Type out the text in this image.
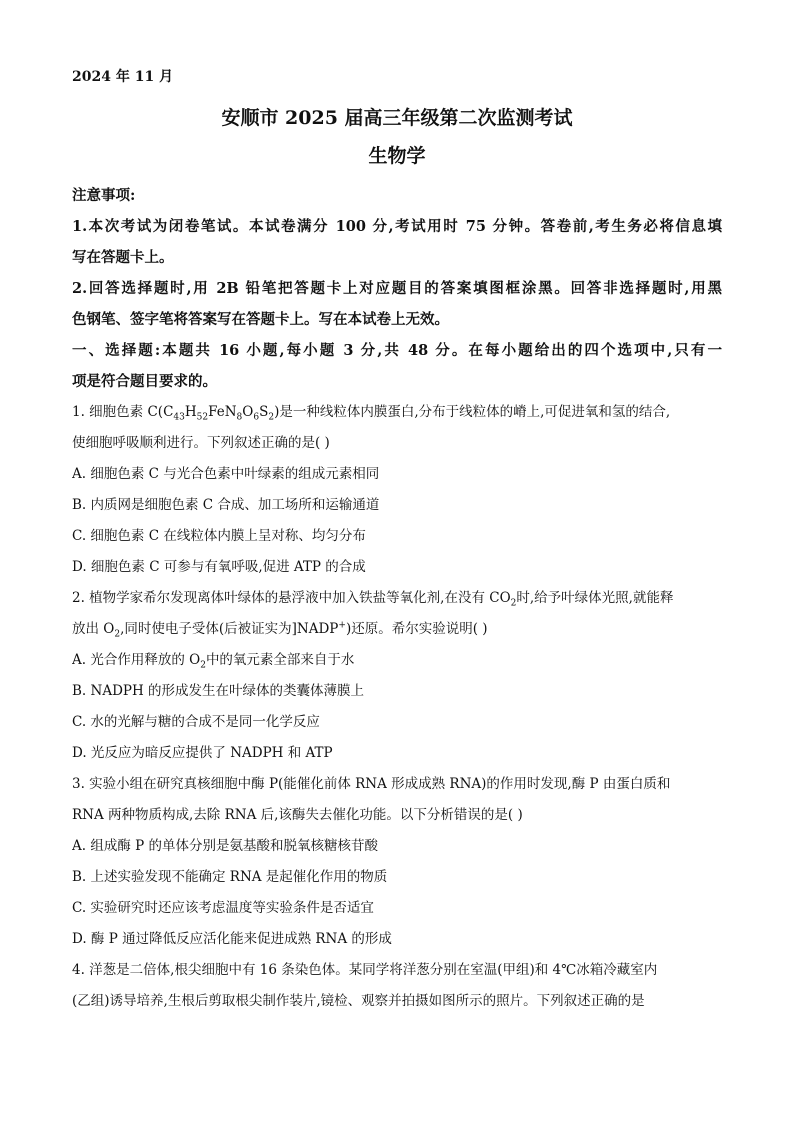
2024 年 11 月
安顺市 2025 届高三年级第二次监测考试
生物学
注意事项:
1.本次考试为闭卷笔试。本试卷满分 100 分,考试用时 75 分钟。答卷前,考生务必将信息填
写在答题卡上。
2.回答选择题时,用 2B 铅笔把答题卡上对应题目的答案填图框涂黑。回答非选择题时,用黑
色钢笔、签字笔将答案写在答题卡上。写在本试卷上无效。
一、选择题:本题共 16 小题,每小题 3 分,共 48 分。在每小题给出的四个选项中,只有一
项是符合题目要求的。
1. 细胞色素 $C(C_{43}H_{52}FeN_8O_6S_2)$是一种线粒体内膜蛋白,分布于线粒体的嵴上,可促进氧和氢的结合,
使细胞呼吸顺利进行。下列叙述正确的是( )
A. 细胞色素 C 与光合色素中叶绿素的组成元素相同
B. 内质网是细胞色素 C 合成、加工场所和运输通道
C. 细胞色素 C 在线粒体内膜上呈对称、均匀分布
D. 细胞色素 C 可参与有氧呼吸,促进 ATP 的合成
2. 植物学家希尔发现离体叶绿体的悬浮液中加入铁盐等氧化剂,在没有 $CO_2$时,给予叶绿体光照,就能释
放出 $O_2$,同时使电子受体(后被证实为]NADP+)还原。希尔实验说明( )
A. 光合作用释放的 $O_2$中的氧元素全部来自于水
B. NADPH 的形成发生在叶绿体的类囊体薄膜上
C. 水的光解与糖的合成不是同一化学反应
D. 光反应为暗反应提供了 NADPH 和 ATP
3. 实验小组在研究真核细胞中酶 P(能催化前体 RNA 形成成熟 RNA)的作用时发现,酶 P 由蛋白质和
RNA 两种物质构成,去除 RNA 后,该酶失去催化功能。以下分析错误的是( )
A. 组成酶 P 的单体分别是氨基酸和脱氧核糖核苷酸
B. 上述实验发现不能确定 RNA 是起催化作用的物质
C. 实验研究时还应该考虑温度等实验条件是否适宜
D. 酶 P 通过降低反应活化能来促进成熟 RNA 的形成
4. 洋葱是二倍体,根尖细胞中有 16 条染色体。某同学将洋葱分别在室温(甲组)和 4℃冰箱冷藏室内
(乙组)诱导培养,生根后剪取根尖制作装片,镜检、观察并拍摄如图所示的照片。下列叙述正确的是
